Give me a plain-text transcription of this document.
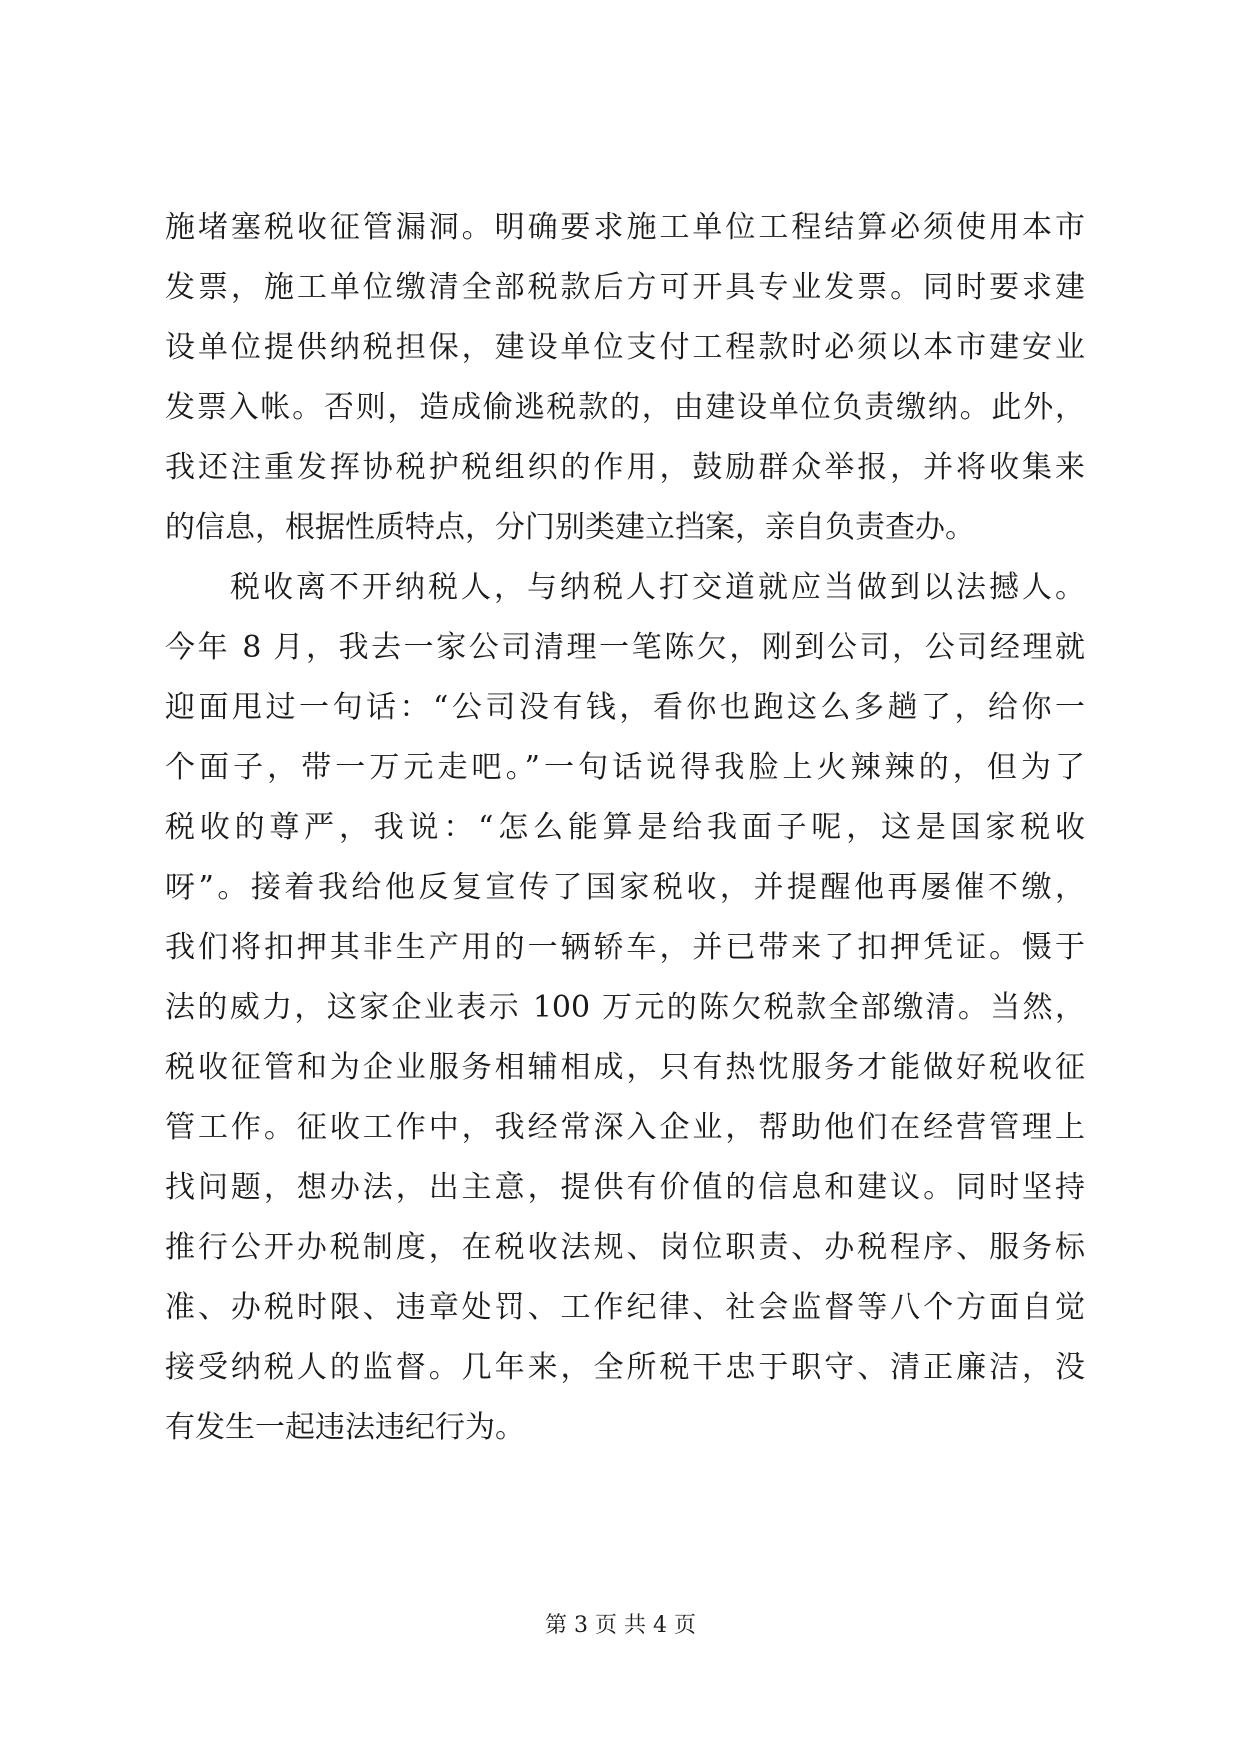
施堵塞税收征管漏洞。明确要求施工单位工程结算必须使用本市
发票，施工单位缴清全部税款后方可开具专业发票。同时要求建
设单位提供纳税担保，建设单位支付工程款时必须以本市建安业
发票入帐。否则，造成偷逃税款的，由建设单位负责缴纳。此外，
我还注重发挥协税护税组织的作用，鼓励群众举报，并将收集来
的信息，根据性质特点，分门别类建立挡案，亲自负责查办。
税收离不开纳税人，与纳税人打交道就应当做到以法撼人。
今年 8 月，我去一家公司清理一笔陈欠，刚到公司，公司经理就
迎面甩过一句话：“公司没有钱，看你也跑这么多趟了，给你一
个面子，带一万元走吧。”一句话说得我脸上火辣辣的，但为了
税收的尊严，我说：“怎么能算是给我面子呢，这是国家税收
呀”。接着我给他反复宣传了国家税收，并提醒他再屡催不缴，
我们将扣押其非生产用的一辆轿车，并已带来了扣押凭证。慑于
法的威力，这家企业表示 100 万元的陈欠税款全部缴清。当然，
税收征管和为企业服务相辅相成，只有热忱服务才能做好税收征
管工作。征收工作中，我经常深入企业，帮助他们在经营管理上
找问题，想办法，出主意，提供有价值的信息和建议。同时坚持
推行公开办税制度，在税收法规、岗位职责、办税程序、服务标
准、办税时限、违章处罚、工作纪律、社会监督等八个方面自觉
接受纳税人的监督。几年来，全所税干忠于职守、清正廉洁，没
有发生一起违法违纪行为。
第 3 页 共 4 页
